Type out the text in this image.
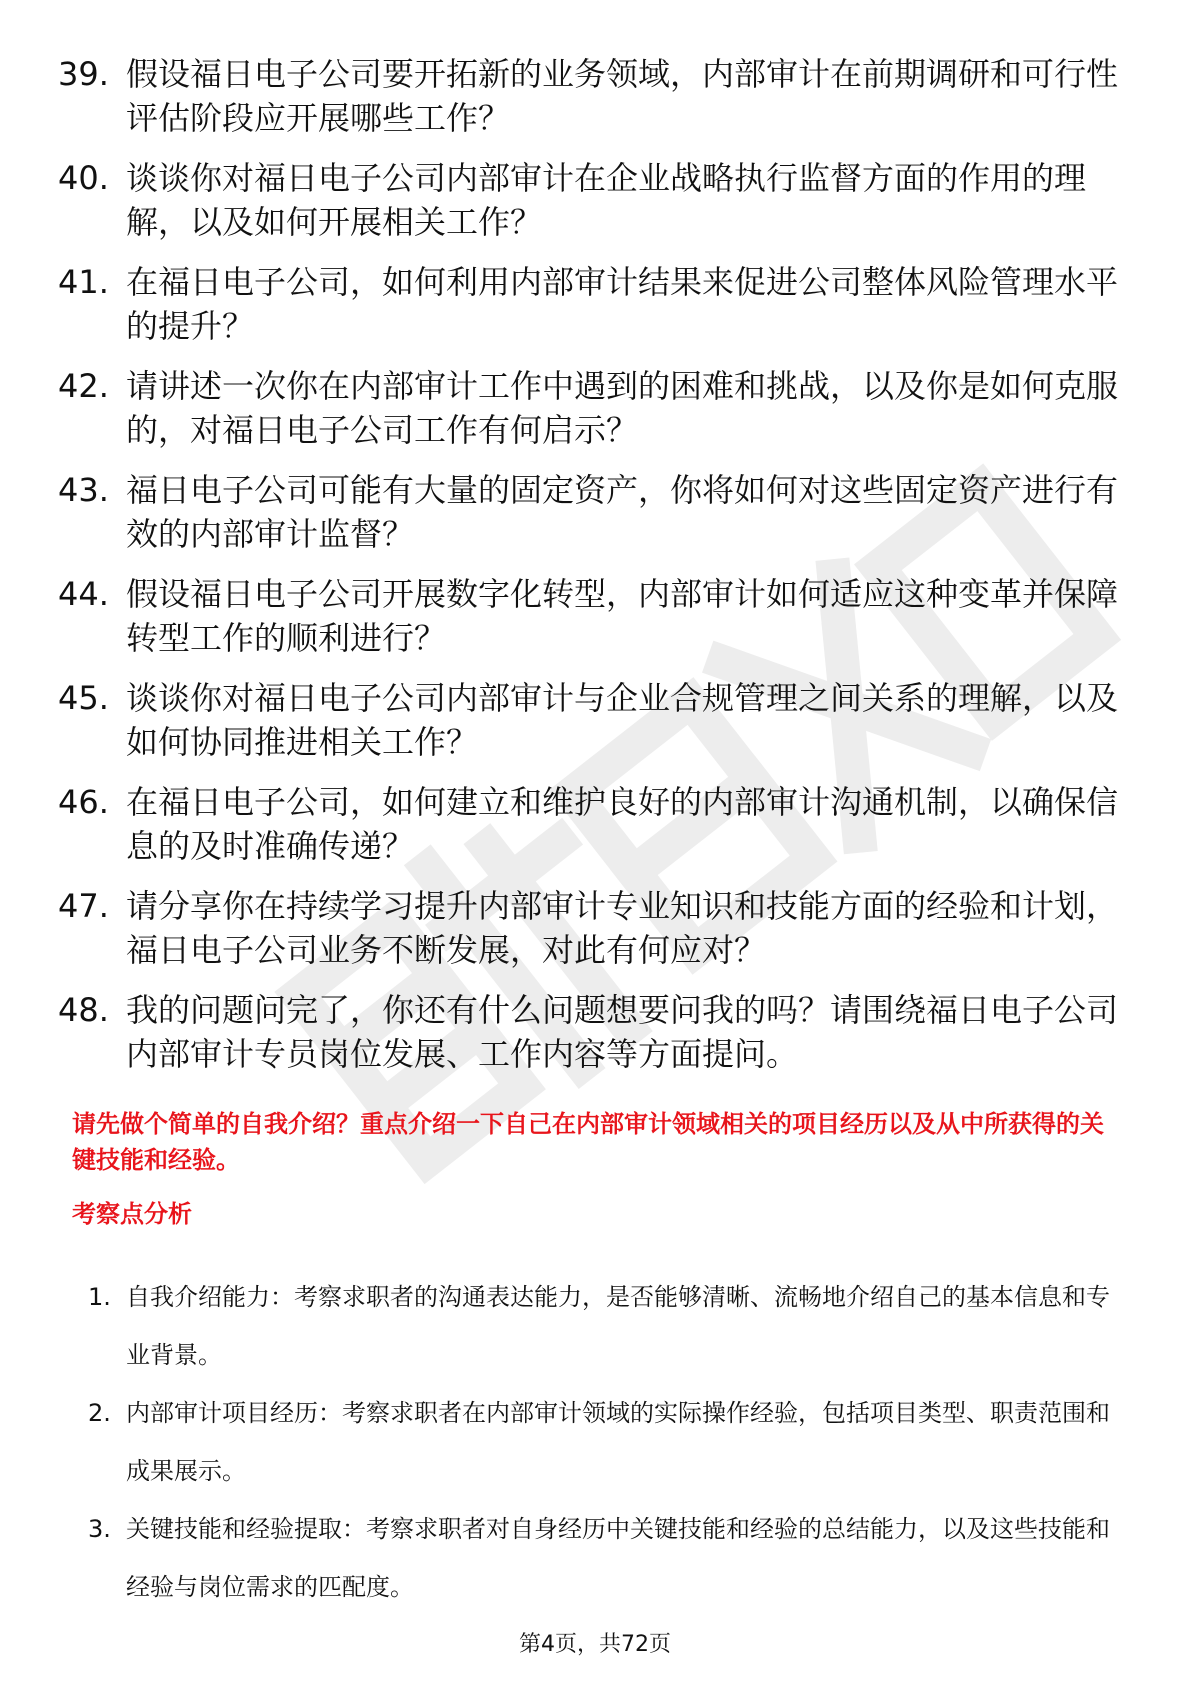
39. 假设福日电子公司要开拓新的业务领域，内部审计在前期调研和可行性评估阶段应开展哪些工作？
40. 谈谈你对福日电子公司内部审计在企业战略执行监督方面的作用的理解，以及如何开展相关工作？
41. 在福日电子公司，如何利用内部审计结果来促进公司整体风险管理水平的提升？
42. 请讲述一次你在内部审计工作中遇到的困难和挑战，以及你是如何克服的，对福日电子公司工作有何启示？
43. 福日电子公司可能有大量的固定资产，你将如何对这些固定资产进行有效的内部审计监督？
44. 假设福日电子公司开展数字化转型，内部审计如何适应这种变革并保障转型工作的顺利进行？
45. 谈谈你对福日电子公司内部审计与企业合规管理之间关系的理解，以及如何协同推进相关工作？
46. 在福日电子公司，如何建立和维护良好的内部审计沟通机制，以确保信息的及时准确传递？
47. 请分享你在持续学习提升内部审计专业知识和技能方面的经验和计划，福日电子公司业务不断发展，对此有何应对？
48. 我的问题问完了，你还有什么问题想要问我的吗？请围绕福日电子公司内部审计专员岗位发展、工作内容等方面提问。

请先做个简单的自我介绍？重点介绍一下自己在内部审计领域相关的项目经历以及从中所获得的关键技能和经验。

考察点分析

1. 自我介绍能力：考察求职者的沟通表达能力，是否能够清晰、流畅地介绍自己的基本信息和专业背景。
2. 内部审计项目经历：考察求职者在内部审计领域的实际操作经验，包括项目类型、职责范围和成果展示。
3. 关键技能和经验提取：考察求职者对自身经历中关键技能和经验的总结能力，以及这些技能和经验与岗位需求的匹配度。
第4页，共72页
